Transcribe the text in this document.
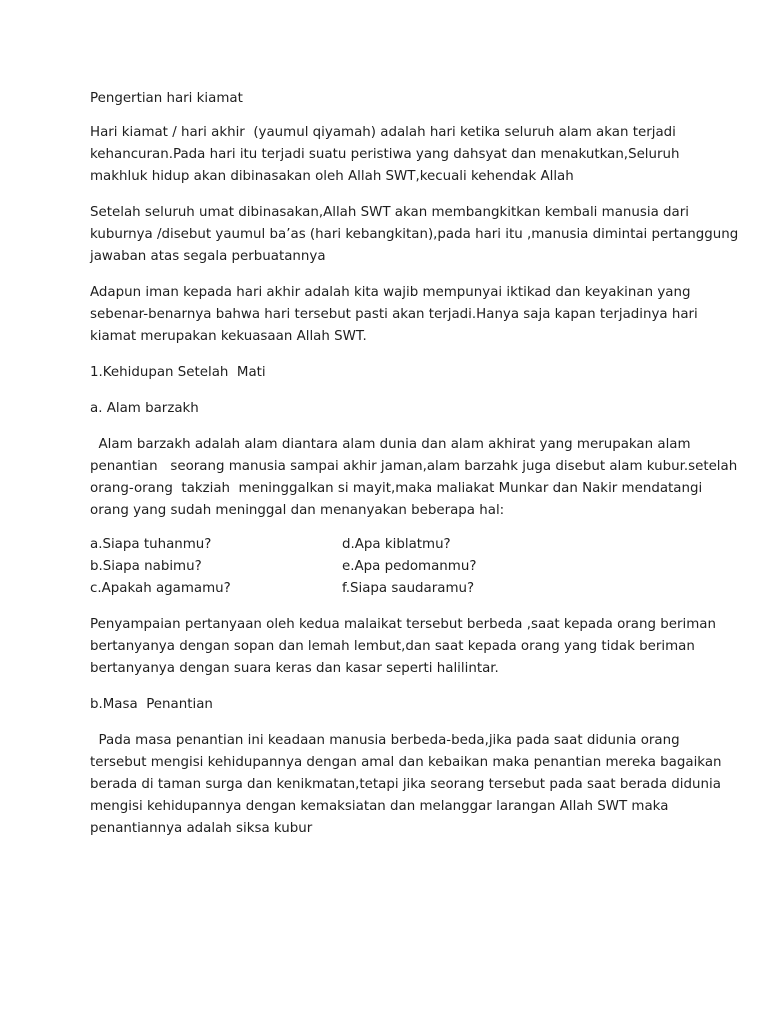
Pengertian hari kiamat
Hari kiamat / hari akhir  (yaumul qiyamah) adalah hari ketika seluruh alam akan terjadi
kehancuran.Pada hari itu terjadi suatu peristiwa yang dahsyat dan menakutkan,Seluruh
makhluk hidup akan dibinasakan oleh Allah SWT,kecuali kehendak Allah
Setelah seluruh umat dibinasakan,Allah SWT akan membangkitkan kembali manusia dari
kuburnya /disebut yaumul ba’as (hari kebangkitan),pada hari itu ,manusia dimintai pertanggung
jawaban atas segala perbuatannya
Adapun iman kepada hari akhir adalah kita wajib mempunyai iktikad dan keyakinan yang
sebenar-benarnya bahwa hari tersebut pasti akan terjadi.Hanya saja kapan terjadinya hari
kiamat merupakan kekuasaan Allah SWT.
1.Kehidupan Setelah  Mati
a. Alam barzakh
Alam barzakh adalah alam diantara alam dunia dan alam akhirat yang merupakan alam
penantian   seorang manusia sampai akhir jaman,alam barzahk juga disebut alam kubur.setelah
orang-orang  takziah  meninggalkan si mayit,maka maliakat Munkar dan Nakir mendatangi
orang yang sudah meninggal dan menanyakan beberapa hal:
a.Siapa tuhanmu?	d.Apa kiblatmu?
b.Siapa nabimu?	e.Apa pedomanmu?
c.Apakah agamamu?	f.Siapa saudaramu?
Penyampaian pertanyaan oleh kedua malaikat tersebut berbeda ,saat kepada orang beriman
bertanyanya dengan sopan dan lemah lembut,dan saat kepada orang yang tidak beriman
bertanyanya dengan suara keras dan kasar seperti halilintar.
b.Masa  Penantian
Pada masa penantian ini keadaan manusia berbeda-beda,jika pada saat didunia orang
tersebut mengisi kehidupannya dengan amal dan kebaikan maka penantian mereka bagaikan
berada di taman surga dan kenikmatan,tetapi jika seorang tersebut pada saat berada didunia
mengisi kehidupannya dengan kemaksiatan dan melanggar larangan Allah SWT maka
penantiannya adalah siksa kubur
